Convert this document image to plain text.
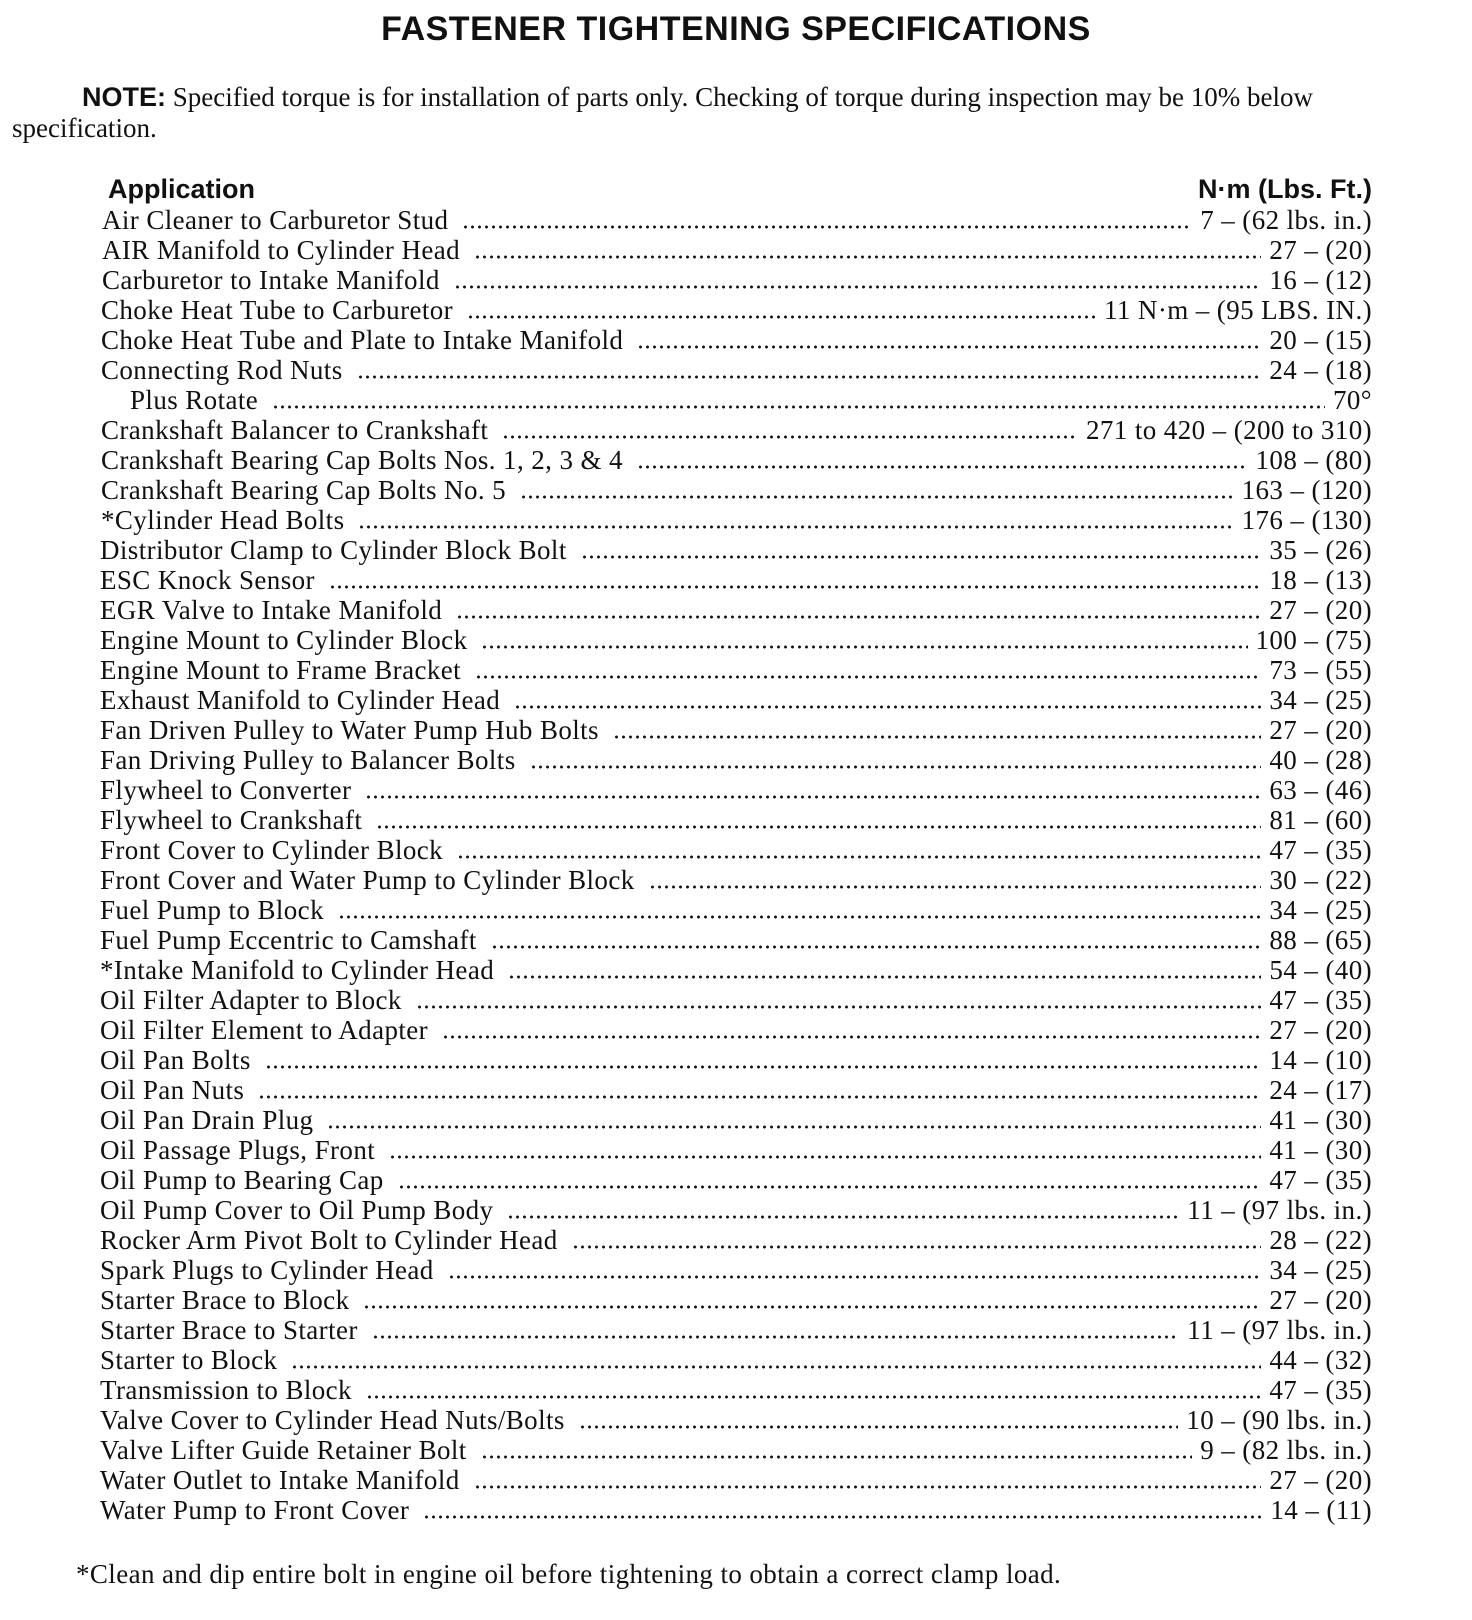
FASTENER TIGHTENING SPECIFICATIONS

NOTE: Specified torque is for installation of parts only. Checking of torque during inspection may be 10% below specification.

Application	N·m (Lbs. Ft.)
Air Cleaner to Carburetor Stud	7 – (62 lbs. in.)
AIR Manifold to Cylinder Head	27 – (20)
Carburetor to Intake Manifold	16 – (12)
Choke Heat Tube to Carburetor	11 N·m – (95 LBS. IN.)
Choke Heat Tube and Plate to Intake Manifold	20 – (15)
Connecting Rod Nuts	24 – (18)
Plus Rotate	70°
Crankshaft Balancer to Crankshaft	271 to 420 – (200 to 310)
Crankshaft Bearing Cap Bolts Nos. 1, 2, 3 & 4	108 – (80)
Crankshaft Bearing Cap Bolts No. 5	163 – (120)
*Cylinder Head Bolts	176 – (130)
Distributor Clamp to Cylinder Block Bolt	35 – (26)
ESC Knock Sensor	18 – (13)
EGR Valve to Intake Manifold	27 – (20)
Engine Mount to Cylinder Block	100 – (75)
Engine Mount to Frame Bracket	73 – (55)
Exhaust Manifold to Cylinder Head	34 – (25)
Fan Driven Pulley to Water Pump Hub Bolts	27 – (20)
Fan Driving Pulley to Balancer Bolts	40 – (28)
Flywheel to Converter	63 – (46)
Flywheel to Crankshaft	81 – (60)
Front Cover to Cylinder Block	47 – (35)
Front Cover and Water Pump to Cylinder Block	30 – (22)
Fuel Pump to Block	34 – (25)
Fuel Pump Eccentric to Camshaft	88 – (65)
*Intake Manifold to Cylinder Head	54 – (40)
Oil Filter Adapter to Block	47 – (35)
Oil Filter Element to Adapter	27 – (20)
Oil Pan Bolts	14 – (10)
Oil Pan Nuts	24 – (17)
Oil Pan Drain Plug	41 – (30)
Oil Passage Plugs, Front	41 – (30)
Oil Pump to Bearing Cap	47 – (35)
Oil Pump Cover to Oil Pump Body	11 – (97 lbs. in.)
Rocker Arm Pivot Bolt to Cylinder Head	28 – (22)
Spark Plugs to Cylinder Head	34 – (25)
Starter Brace to Block	27 – (20)
Starter Brace to Starter	11 – (97 lbs. in.)
Starter to Block	44 – (32)
Transmission to Block	47 – (35)
Valve Cover to Cylinder Head Nuts/Bolts	10 – (90 lbs. in.)
Valve Lifter Guide Retainer Bolt	9 – (82 lbs. in.)
Water Outlet to Intake Manifold	27 – (20)
Water Pump to Front Cover	14 – (11)

*Clean and dip entire bolt in engine oil before tightening to obtain a correct clamp load.
